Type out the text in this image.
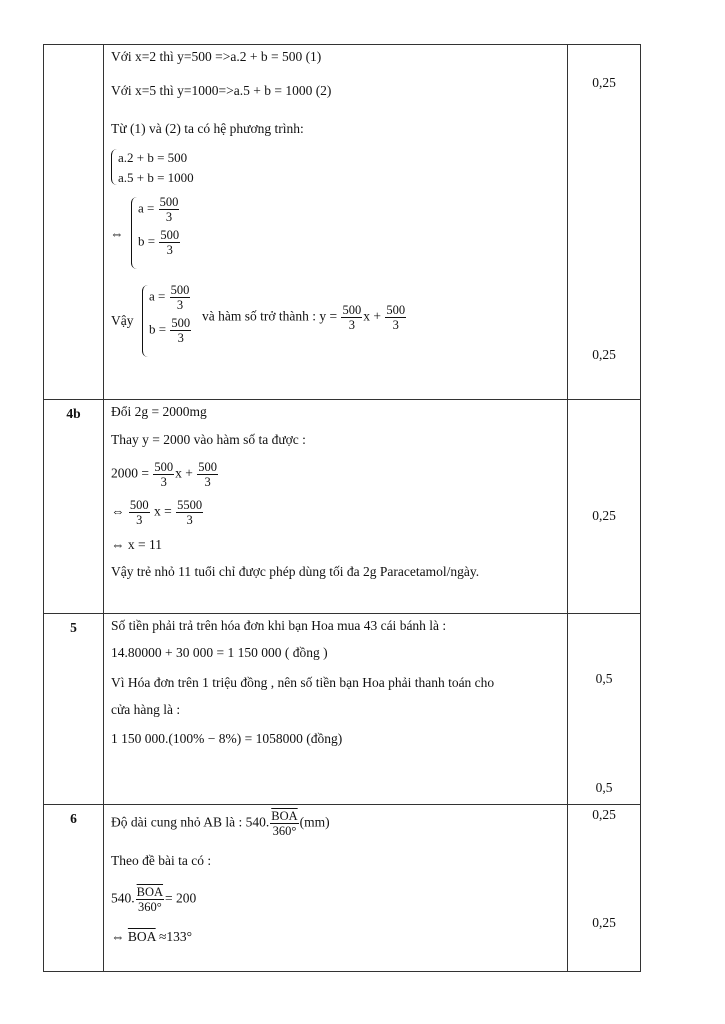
Với x=2 thì y=500 =>a.2 + b = 500 (1)
Với x=5 thì y=1000=>a.5 + b = 1000 (2)
Từ (1) và (2) ta có hệ phương trình:
a.2 + b = 500
a.5 + b = 1000
⇔
$a = \frac{500}{3}$
$b = \frac{500}{3}$
Vậy
$a = \frac{500}{3}$
$b = \frac{500}{3}$ và hàm số trở thành : $y = \frac{500}{3}$ $x + \frac{500}{3}$
0,25
0,25
4b	Đổi 2g = 2000mg
Thay y = 2000 vào hàm số ta được :
$2000 = \frac{500}{3}$ $x + \frac{500}{3}$
⇔ $\frac{500}{3}$ $x = \frac{5500}{3}$
⇔ x = 11
Vậy trẻ nhỏ 11 tuổi chỉ được phép dùng tối đa 2g Paracetamol/ngày.
0,25
5	Số tiền phải trả trên hóa đơn khi bạn Hoa mua 43 cái bánh là :
14.80000 + 30 000 = 1 150 000 ( đồng )
Vì Hóa đơn trên 1 triệu đồng , nên số tiền bạn Hoa phải thanh toán cho
cửa hàng là :
1 150 000.(100% − 8%) = 1058000 (đồng)
0,5
0,5
6	Độ dài cung nhỏ AB là : 540. $\frac{\overline{BOA}}{360^\circ} (mm)$
Theo đề bài ta có :
540. $\frac{\overline{BOA}}{360^\circ} = 200$
⇔ $\overline{BOA} \approx 133^\circ$
0,25
0,25
